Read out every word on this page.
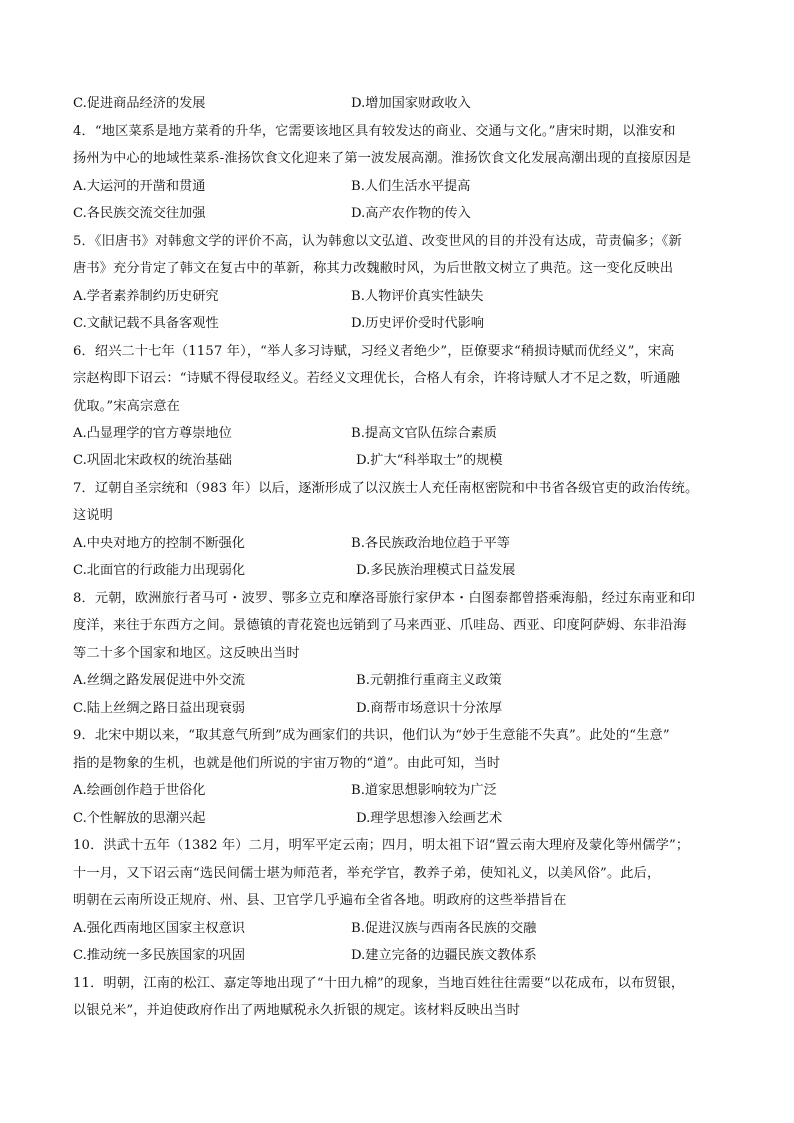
C.促进商品经济的发展	D.增加国家财政收入
4．“地区菜系是地方菜肴的升华，它需要该地区具有较发达的商业、交通与文化。”唐宋时期，以淮安和
扬州为中心的地域性菜系-淮扬饮食文化迎来了第一波发展高潮。淮扬饮食文化发展高潮出现的直接原因是
A.大运河的开凿和贯通	B.人们生活水平提高
C.各民族交流交往加强	D.高产农作物的传入
5．《旧唐书》对韩愈文学的评价不高，认为韩愈以文弘道、改变世风的目的并没有达成，苛责偏多；《新
唐书》充分肯定了韩文在复古中的革新，称其力改魏敝时风，为后世散文树立了典范。这一变化反映出
A.学者素养制约历史研究	B.人物评价真实性缺失
C.文献记载不具备客观性	D.历史评价受时代影响
6．绍兴二十七年（1157 年），“举人多习诗赋，习经义者绝少”，臣僚要求“稍损诗赋而优经义”，宋高
宗赵构即下诏云：“诗赋不得侵取经义。若经义文理优长，合格人有余，许将诗赋人才不足之数，听通融
优取。”宋高宗意在
A.凸显理学的官方尊崇地位	B.提高文官队伍综合素质
C.巩固北宋政权的统治基础	D.扩大“科举取士”的规模
7．辽朝自圣宗统和（983 年）以后，逐渐形成了以汉族士人充任南枢密院和中书省各级官吏的政治传统。
这说明
A.中央对地方的控制不断强化	B.各民族政治地位趋于平等
C.北面官的行政能力出现弱化	D.多民族治理模式日益发展
8．元朝，欧洲旅行者马可・波罗、鄂多立克和摩洛哥旅行家伊本・白图泰都曾搭乘海船，经过东南亚和印
度洋，来往于东西方之间。景德镇的青花瓷也远销到了马来西亚、爪哇岛、西亚、印度阿萨姆、东非沿海
等二十多个国家和地区。这反映出当时
A.丝绸之路发展促进中外交流	B.元朝推行重商主义政策
C.陆上丝绸之路日益出现衰弱	D.商帮市场意识十分浓厚
9．北宋中期以来，“取其意气所到”成为画家们的共识，他们认为“妙于生意能不失真”。此处的“生意”
指的是物象的生机，也就是他们所说的宇宙万物的“道”。由此可知，当时
A.绘画创作趋于世俗化	B.道家思想影响较为广泛
C.个性解放的思潮兴起	D.理学思想渗入绘画艺术
10．洪武十五年（1382 年）二月，明军平定云南；四月，明太祖下诏“置云南大理府及蒙化等州儒学”；
十一月，又下诏云南“选民间儒士堪为师范者，举充学官，教养子弟，使知礼义，以美风俗”。此后，
明朝在云南所设正规府、州、县、卫官学几乎遍布全省各地。明政府的这些举措旨在
A.强化西南地区国家主权意识	B.促进汉族与西南各民族的交融
C.推动统一多民族国家的巩固	D.建立完备的边疆民族文教体系
11．明朝，江南的松江、嘉定等地出现了“十田九棉”的现象，当地百姓往往需要“以花成布，以布贸银，
以银兑米”，并迫使政府作出了两地赋税永久折银的规定。该材料反映出当时
